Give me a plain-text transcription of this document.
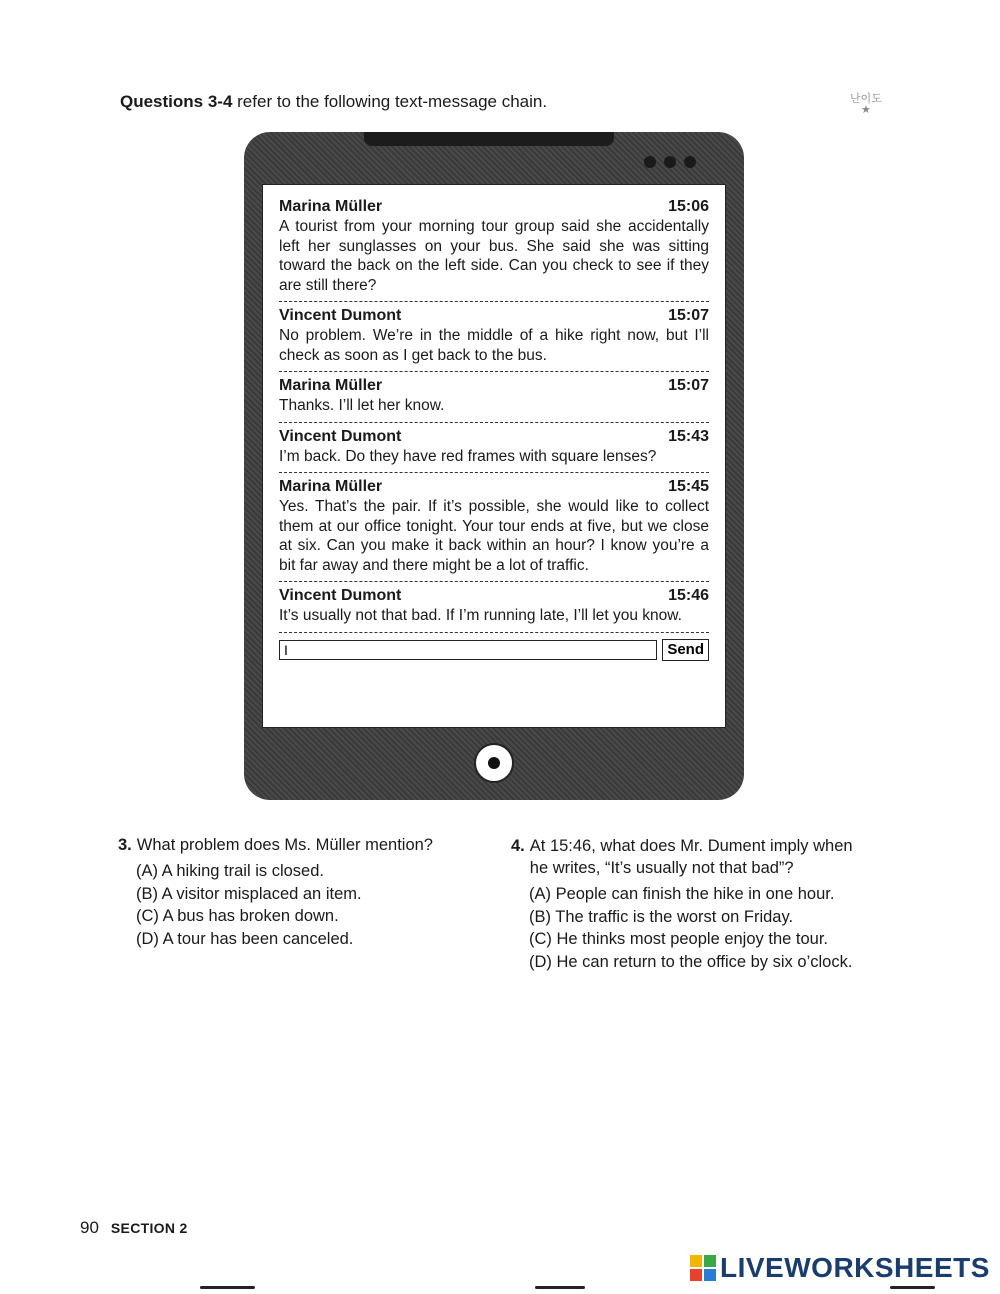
Questions 3-4 refer to the following text-message chain.	난이도
★
Marina Müller	15:06
A tourist from your morning tour group said she accidentally left her sunglasses on your bus. She said she was sitting toward the back on the left side. Can you check to see if they are still there?
Vincent Dumont	15:07
No problem. We’re in the middle of a hike right now, but I’ll check as soon as I get back to the bus.
Marina Müller	15:07
Thanks. I’ll let her know.
Vincent Dumont	15:43
I’m back. Do they have red frames with square lenses?
Marina Müller	15:45
Yes. That’s the pair. If it’s possible, she would like to collect them at our office tonight. Your tour ends at five, but we close at six. Can you make it back within an hour? I know you’re a bit far away and there might be a lot of traffic.
Vincent Dumont	15:46
It’s usually not that bad. If I’m running late, I’ll let you know.
I
Send
3. What problem does Ms. Müller mention?
(A) A hiking trail is closed.
(B) A visitor misplaced an item.
(C) A bus has broken down.
(D) A tour has been canceled.
4. At 15:46, what does Mr. Dument imply when he writes, “It’s usually not that bad”?
(A) People can finish the hike in one hour.
(B) The traffic is the worst on Friday.
(C) He thinks most people enjoy the tour.
(D) He can return to the office by six o’clock.
90 SECTION 2
LIVEWORKSHEETS
